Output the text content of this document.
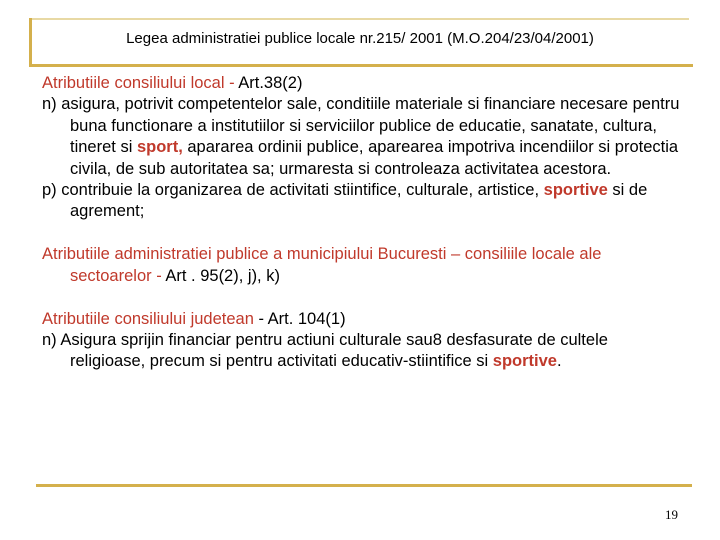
Legea administratiei publice locale nr.215/ 2001 (M.O.204/23/04/2001)

Atributiile consiliului local - Art.38(2)

n) asigura, potrivit competentelor sale, conditiile materiale si financiare necesare pentru buna functionare a institutiilor si serviciilor publice de educatie, sanatate, cultura, tineret si sport, apararea ordinii publice, aparearea impotriva incendiilor si protectia civila, de sub autoritatea sa; urmaresta si controleaza activitatea acestora.

p) contribuie la organizarea de activitati stiintifice, culturale, artistice, sportive si de agrement;

Atributiile administratiei publice a municipiului Bucuresti – consiliile locale ale sectoarelor - Art . 95(2), j), k)

Atributiile consiliului judetean - Art. 104(1)

n) Asigura sprijin financiar pentru actiuni culturale sau8 desfasurate de cultele religioase, precum si pentru activitati educativ-stiintifice si sportive.

19
